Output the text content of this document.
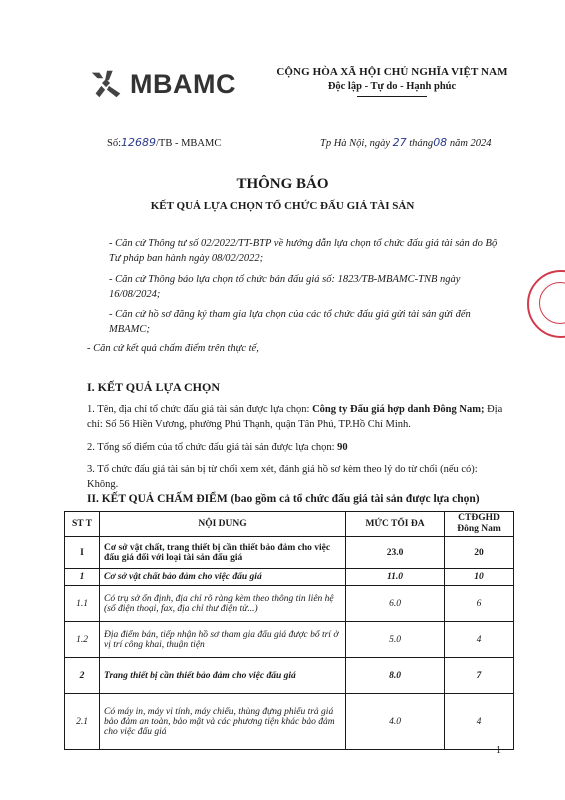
MBAMC	CỘNG HÒA XÃ HỘI CHỦ NGHĨA VIỆT NAM
Độc lập - Tự do - Hạnh phúc
Số:12689/TB - MBAMC	Tp Hà Nội, ngày 27 tháng08 năm 2024
THÔNG BÁO
KẾT QUẢ LỰA CHỌN TỔ CHỨC ĐẤU GIÁ TÀI SẢN
- Căn cứ Thông tư số 02/2022/TT-BTP về hướng dẫn lựa chọn tổ chức đấu giá tài sản do Bộ Tư pháp ban hành ngày 08/02/2022;
- Căn cứ Thông báo lựa chọn tổ chức bán đấu giá số: 1823/TB-MBAMC-TNB ngày 16/08/2024;
- Căn cứ hồ sơ đăng ký tham gia lựa chọn của các tổ chức đấu giá gửi tài sản gửi đến MBAMC;
- Căn cứ kết quả chấm điểm trên thực tế,
I. KẾT QUẢ LỰA CHỌN
1. Tên, địa chỉ tổ chức đấu giá tài sản được lựa chọn: Công ty Đấu giá hợp danh Đông Nam; Địa chỉ: Số 56 Hiền Vương, phường Phú Thạnh, quận Tân Phú, TP.Hồ Chí Minh.
2. Tổng số điểm của tổ chức đấu giá tài sản được lựa chọn: 90
3. Tổ chức đấu giá tài sản bị từ chối xem xét, đánh giá hồ sơ kèm theo lý do từ chối (nếu có): Không.
II. KẾT QUẢ CHẤM ĐIỂM (bao gồm cả tổ chức đấu giá tài sản được lựa chọn)
ST T	NỘI DUNG	MỨC TỐI ĐA	CTĐGHD Đông Nam
I	Cơ sở vật chất, trang thiết bị cần thiết bảo đảm cho việc đấu giá đối với loại tài sản đấu giá	23.0	20
1	Cơ sở vật chất bảo đảm cho việc đấu giá	11.0	10
1.1	Có trụ sở ổn định, địa chỉ rõ ràng kèm theo thông tin liên hệ (số điện thoại, fax, địa chỉ thư điện tử...)	6.0	6
1.2	Địa điểm bán, tiếp nhận hồ sơ tham gia đấu giá được bố trí ở vị trí công khai, thuận tiện	5.0	4
2	Trang thiết bị cần thiết bảo đảm cho việc đấu giá	8.0	7
2.1	Có máy in, máy vi tính, máy chiếu, thùng đựng phiếu trả giá bảo đảm an toàn, bảo mật và các phương tiện khác bảo đảm cho việc đấu giá	4.0	4
1
